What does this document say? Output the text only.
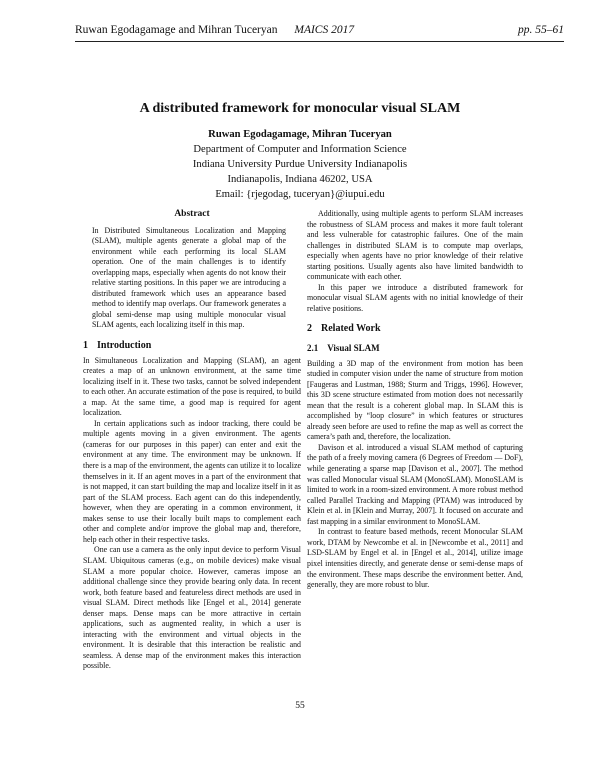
Ruwan Egodagamage and Mihran Tuceryan MAICS 2017	pp. 55–61
A distributed framework for monocular visual SLAM
Ruwan Egodagamage, Mihran Tuceryan
Department of Computer and Information Science
Indiana University Purdue University Indianapolis
Indianapolis, Indiana 46202, USA
Email: {rjegodag, tuceryan}@iupui.edu
Abstract

In Distributed Simultaneous Localization and Mapping (SLAM), multiple agents generate a global map of the environment while each performing its local SLAM operation. One of the main challenges is to identify overlapping maps, especially when agents do not know their relative starting positions. In this paper we are introducing a distributed framework which uses an appearance based method to identify map overlaps. Our framework generates a global semi-dense map using multiple monocular visual SLAM agents, each localizing itself in this map.

1 Introduction

In Simultaneous Localization and Mapping (SLAM), an agent creates a map of an unknown environment, at the same time localizing itself in it. These two tasks, cannot be solved independent to each other. An accurate estimation of the pose is required, to build a map. At the same time, a good map is required for agent localization.

In certain applications such as indoor tracking, there could be multiple agents moving in a given environment. The agents (cameras for our purposes in this paper) can enter and exit the environment at any time. The environment may be unknown. If there is a map of the environment, the agents can utilize it to localize themselves in it. If an agent moves in a part of the environment that is not mapped, it can start building the map and localize itself in it as part of the SLAM process. Each agent can do this independently, however, when they are operating in a common environment, it makes sense to use their locally built maps to complement each other and complete and/or improve the global map and, therefore, help each other in their respective tasks.

One can use a camera as the only input device to perform Visual SLAM. Ubiquitous cameras (e.g., on mobile devices) make visual SLAM a more popular choice. However, cameras impose an additional challenge since they provide bearing only data. In recent work, both feature based and featureless direct methods are used in visual SLAM. Direct methods like [Engel et al., 2014] generate denser maps. Dense maps can be more attractive in certain applications, such as augmented reality, in which a user is interacting with the environment and virtual objects in the environment. It is desirable that this interaction be realistic and seamless. A dense map of the environment makes this interaction possible.

Additionally, using multiple agents to perform SLAM increases the robustness of SLAM process and makes it more fault tolerant and less vulnerable for catastrophic failures. One of the main challenges in distributed SLAM is to compute map overlaps, especially when agents have no prior knowledge of their relative starting positions. Usually agents also have limited bandwidth to communicate with each other.

In this paper we introduce a distributed framework for monocular visual SLAM agents with no initial knowledge of their relative positions.

2 Related Work
2.1 Visual SLAM

Building a 3D map of the environment from motion has been studied in computer vision under the name of structure from motion [Faugeras and Lustman, 1988; Sturm and Triggs, 1996]. However, this 3D scene structure estimated from motion does not necessarily mean that the result is a coherent global map. In SLAM this is accomplished by “loop closure” in which features or structures already seen before are used to refine the map as well as correct the camera’s path and, therefore, the localization.

Davison et al. introduced a visual SLAM method of capturing the path of a freely moving camera (6 Degrees of Freedom — DoF), while generating a sparse map [Davison et al., 2007]. The method was called Monocular visual SLAM (MonoSLAM). MonoSLAM is limited to work in a room-sized environment. A more robust method called Parallel Tracking and Mapping (PTAM) was introduced by Klein et al. in [Klein and Murray, 2007]. It focused on accurate and fast mapping in a similar environment to MonoSLAM.

In contrast to feature based methods, recent Monocular SLAM work, DTAM by Newcombe et al. in [Newcombe et al., 2011] and LSD-SLAM by Engel et al. in [Engel et al., 2014], utilize image pixel intensities directly, and generate dense or semi-dense maps of the environment. These maps describe the environment better. And, generally, they are more robust to blur.

55
